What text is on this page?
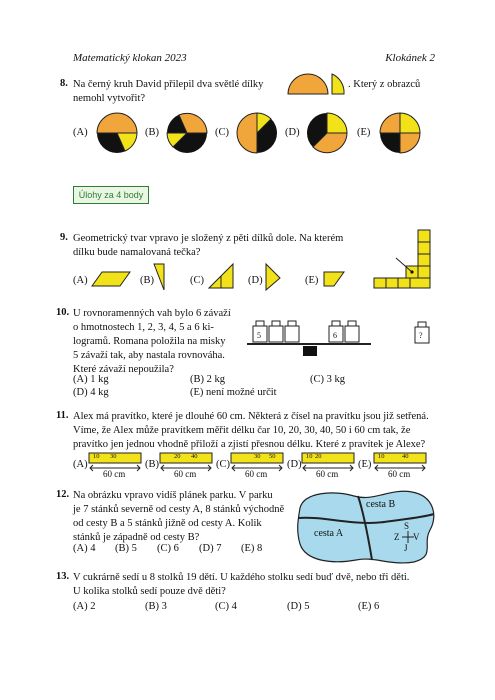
Matematický klokan 2023	Klokánek 2
8. Na černý kruh David přilepil dva světlé dílky	. Který z obrazců
nemohl vytvořit?
(A)	(B)	(C)	(D)	(E)
Úlohy za 4 body
9. Geometrický tvar vpravo je složený z pěti dílků dole. Na kterém
dílku bude namalovaná tečka?
(A)	(B)	(C)	(D)	(E)
10. U rovnoramenných vah bylo 6 závaží
o hmotnostech 1, 2, 3, 4, 5 a 6 ki-
logramů. Romana položila na misky
5 závaží tak, aby nastala rovnováha.
Které závaží nepoužila?
5	6	?
(A) 1 kg	(B) 2 kg	(C) 3 kg
(D) 4 kg	(E) není možné určit
11. Alex má pravítko, které je dlouhé 60 cm. Některá z čísel na pravítku jsou již setřená.
Víme, že Alex může pravítkem měřit délku čar 10, 20, 30, 40, 50 i 60 cm tak, že
pravítko jen jednou vhodně přiloží a zjistí přesnou délku. Které z pravítek je Alexe?
(A)
10 30
60 cm
(B)
20 40
60 cm
(C)
30 50
60 cm
(D)
10 20
60 cm
(E)
10	40
60 cm
12. Na obrázku vpravo vidíš plánek parku. V parku
je 7 stánků severně od cesty A, 8 stánků východně
od cesty B a 5 stánků jižně od cesty A. Kolik
stánků je západně od cesty B?
cesta B
cesta A
S
Z V
J
(A) 4 (B) 5 (C) 6 (D) 7 (E) 8
13. V cukrárně sedí u 8 stolků 19 dětí. U každého stolku sedí buď dvě, nebo tři děti.
U kolika stolků sedí pouze dvě děti?
(A) 2	(B) 3	(C) 4	(D) 5	(E) 6
